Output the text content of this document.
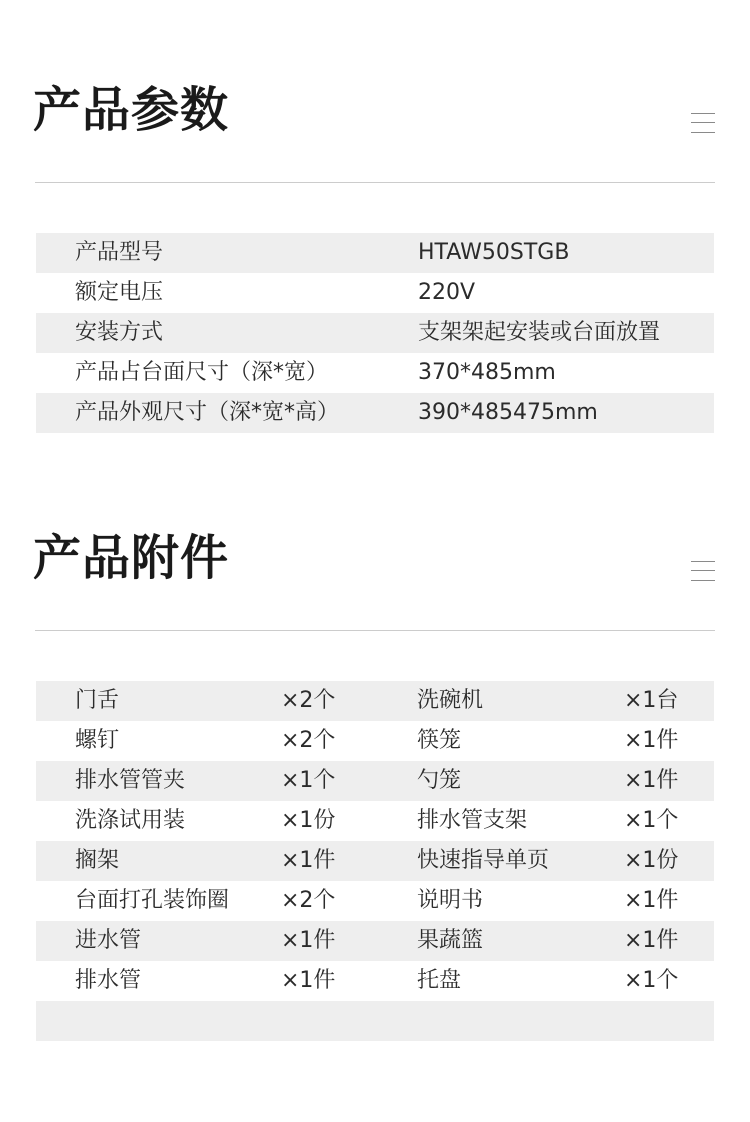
产品参数
产品型号	HTAW50STGB
额定电压	220V
安装方式	支架架起安装或台面放置
产品占台面尺寸（深*宽）	370*485mm
产品外观尺寸（深*宽*高）	390*485475mm
产品附件
门舌	×2个	洗碗机	×1台
螺钉	×2个	筷笼	×1件
排水管管夹	×1个	勺笼	×1件
洗涤试用装	×1份	排水管支架	×1个
搁架	×1件	快速指导单页	×1份
台面打孔装饰圈 ×2个	说明书	×1件
进水管	×1件	果蔬篮	×1件
排水管	×1件	托盘	×1个
